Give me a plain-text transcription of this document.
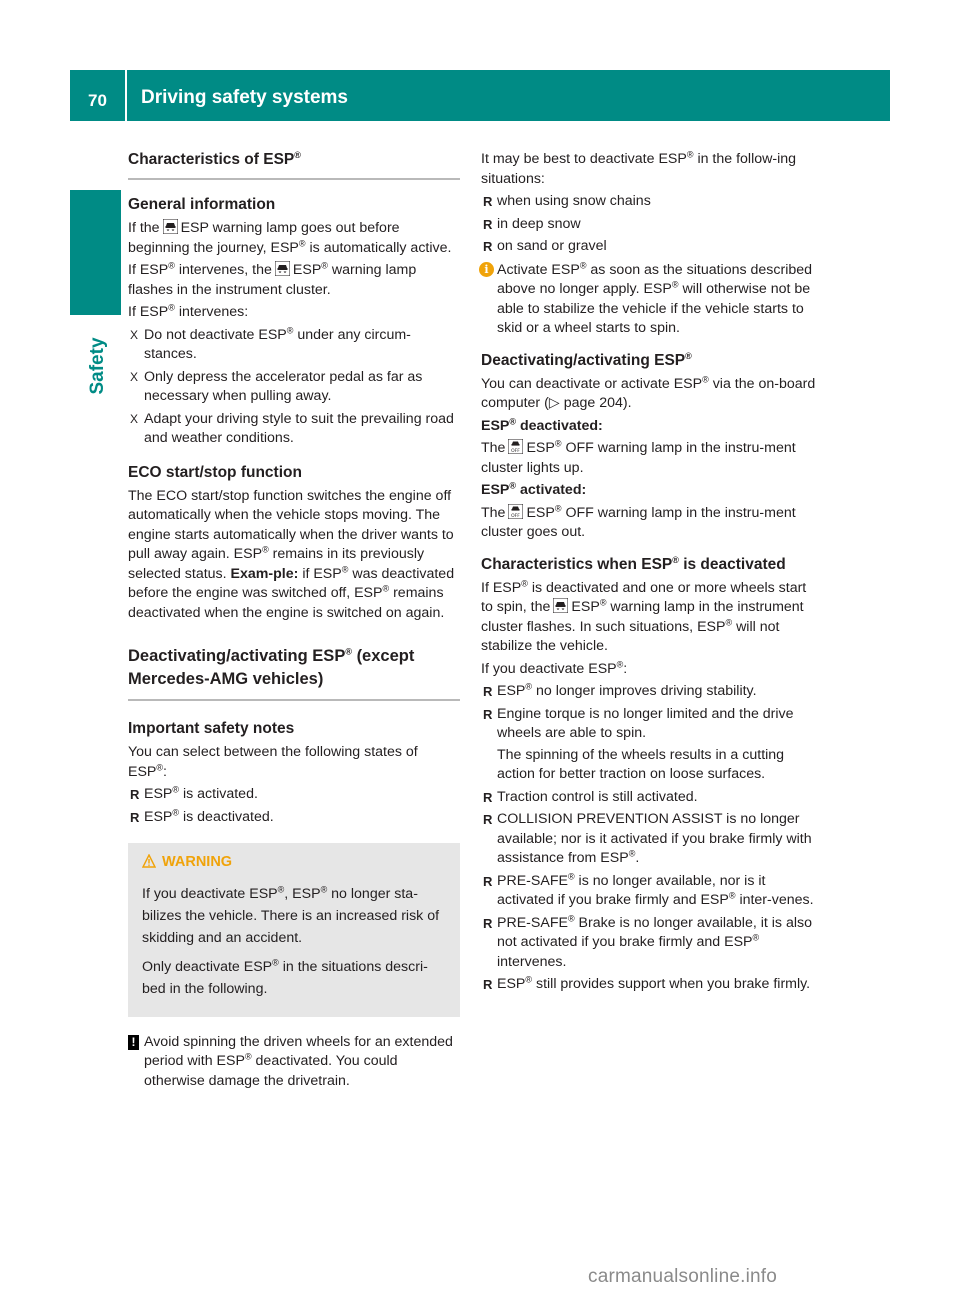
70 Driving safety systems
Safety
Characteristics of ESP®
General information

If the ESP warning lamp goes out before beginning the journey, ESP® is automatically active.

If ESP® intervenes, the ESP® warning lamp flashes in the instrument cluster.

If ESP® intervenes:

X Do not deactivate ESP® under any circum-stances.
X Only depress the accelerator pedal as far as necessary when pulling away.
X Adapt your driving style to suit the prevailing road and weather conditions.
ECO start/stop function

The ECO start/stop function switches the engine off automatically when the vehicle stops moving. The engine starts automatically when the driver wants to pull away again. ESP® remains in its previously selected status. Exam-ple: if ESP® was deactivated before the engine was switched off, ESP® remains deactivated when the engine is switched on again.

Deactivating/activating ESP® (except Mercedes-AMG vehicles)
Important safety notes

You can select between the following states of ESP®:

R ESP® is activated.
R ESP® is deactivated.
WARNING

If you deactivate ESP®, ESP® no longer sta-bilizes the vehicle. There is an increased risk of skidding and an accident.

Only deactivate ESP® in the situations descri-bed in the following.

! Avoid spinning the driven wheels for an extended period with ESP® deactivated. You could otherwise damage the drivetrain.

It may be best to deactivate ESP® in the follow-ing situations:

R when using snow chains
R in deep snow
R on sand or gravel
i Activate ESP® as soon as the situations described above no longer apply. ESP® will otherwise not be able to stabilize the vehicle if the vehicle starts to skid or a wheel starts to spin.
Deactivating/activating ESP®

You can deactivate or activate ESP® via the on-board computer (▷ page 204).

ESP® deactivated:

The OFF ESP® OFF warning lamp in the instru-ment cluster lights up.

ESP® activated:

The OFF ESP® OFF warning lamp in the instru-ment cluster goes out.

Characteristics when ESP® is deactivated

If ESP® is deactivated and one or more wheels start to spin, the ESP® warning lamp in the instrument cluster flashes. In such situations, ESP® will not stabilize the vehicle.

If you deactivate ESP®:

R ESP® no longer improves driving stability.
R Engine torque is no longer limited and the drive wheels are able to spin.

The spinning of the wheels results in a cutting action for better traction on loose surfaces.

R Traction control is still activated.
R COLLISION PREVENTION ASSIST is no longer available; nor is it activated if you brake firmly with assistance from ESP®.
R PRE-SAFE® is no longer available, nor is it activated if you brake firmly and ESP® inter-venes.
R PRE-SAFE® Brake is no longer available, it is also not activated if you brake firmly and ESP® intervenes.
R ESP® still provides support when you brake firmly.
carmanualsonline.info
